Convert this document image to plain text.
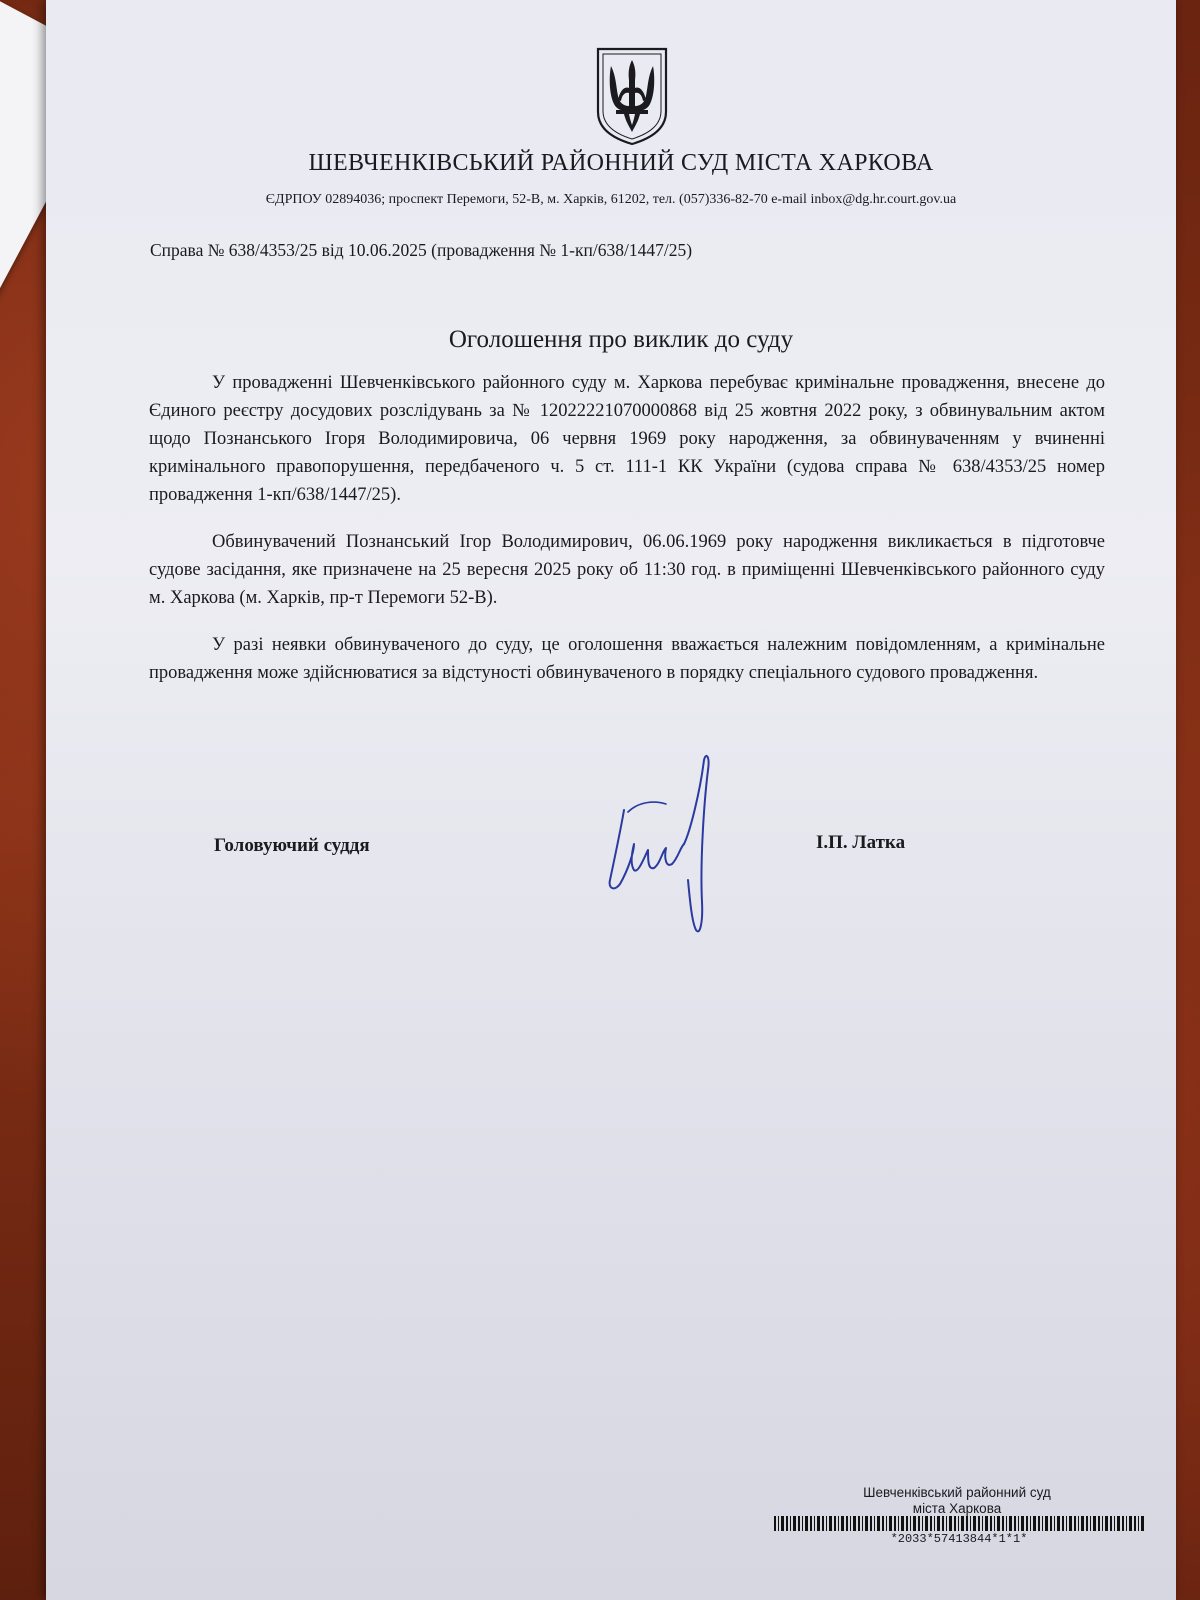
ШЕВЧЕНКІВСЬКИЙ РАЙОННИЙ СУД МІСТА ХАРКОВА
ЄДРПОУ 02894036; проспект Перемоги, 52-В, м. Харків, 61202, тел. (057)336-82-70 e-mail inbox@dg.hr.court.gov.ua
Справа № 638/4353/25 від 10.06.2025 (провадження № 1-кп/638/1447/25)
Оголошення про виклик до суду

У провадженні Шевченківського районного суду м. Харкова перебуває кримінальне провадження, внесене до Єдиного реєстру досудових розслідувань за № 12022221070000868 від 25 жовтня 2022 року, з обвинувальним актом щодо Познанського Ігоря Володимировича, 06 червня 1969 року народження, за обвинуваченням у вчиненні кримінального правопорушення, передбаченого ч. 5 ст. 111-1 КК України (судова справа № 638/4353/25 номер провадження 1-кп/638/1447/25).

Обвинувачений Познанський Ігор Володимирович, 06.06.1969 року народження викликається в підготовче судове засідання, яке призначене на 25 вересня 2025 року об 11:30 год. в приміщенні Шевченківського районного суду м. Харкова (м. Харків, пр-т Перемоги 52-В).

У разі неявки обвинуваченого до суду, це оголошення вважається належним повідомленням, а кримінальне провадження може здійснюватися за відстуності обвинуваченого в порядку спеціального судового провадження.

Головуючий суддя	І.П. Латка
Шевченківський районний суд
міста Харкова
*2033*57413844*1*1*
